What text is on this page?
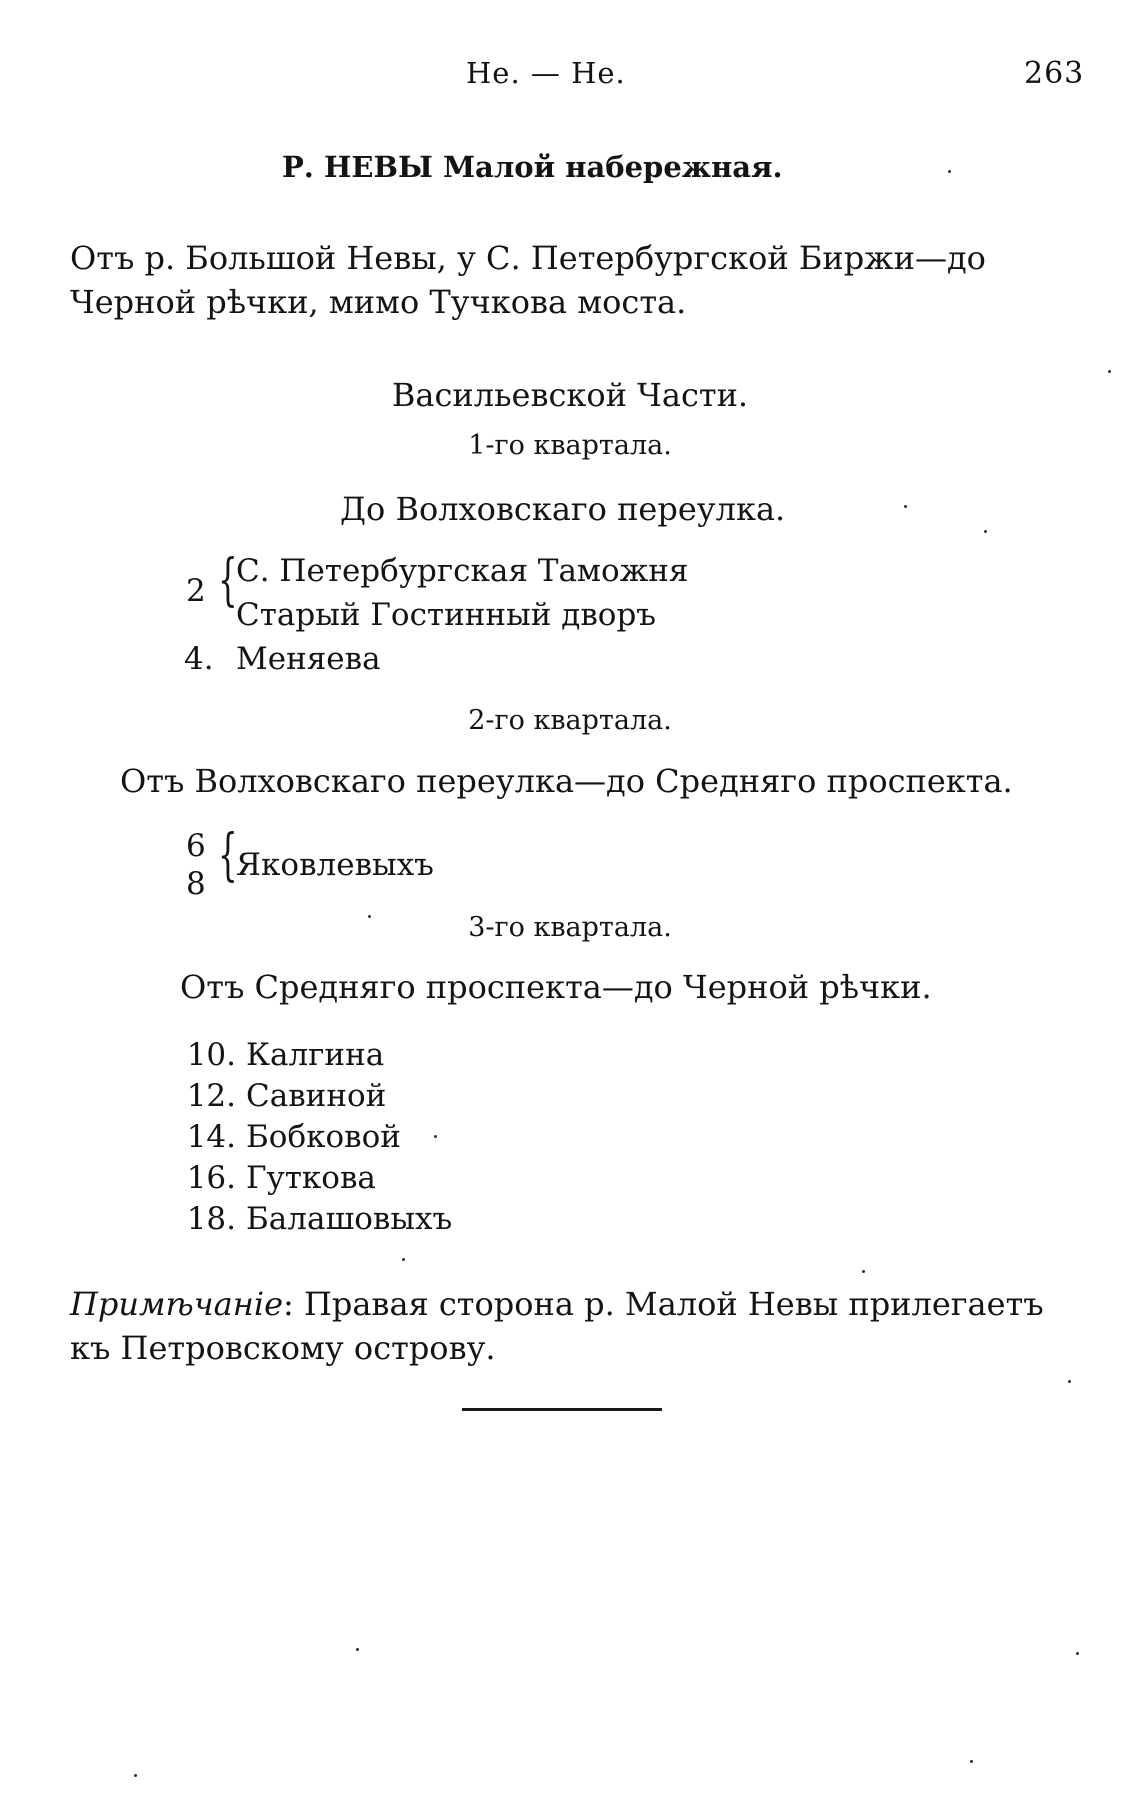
Не. — Не.	263
Р. НЕВЫ Малой набережная.

Отъ р. Большой Невы, у С. Петербургской Биржи—до

Черной рѣчки, мимо Тучкова моста.

Васильевской Части.
1-го квартала.
До Волховскаго переулка.
2 {
С. Петербургская Таможня
Старый Гостинный дворъ
4. Меняева
2-го квартала.
Отъ Волховскаго переулка—до Средняго проспекта.
6
8 {
Яковлевыхъ
3-го квартала.
Отъ Средняго проспекта—до Черной рѣчки.
10. Калгина
12. Савиной
14. Бобковой
16. Гуткова
18. Балашовыхъ
Примѣчаніе: Правая сторона р. Малой Невы прилегаетъ
къ Петровскому острову.
